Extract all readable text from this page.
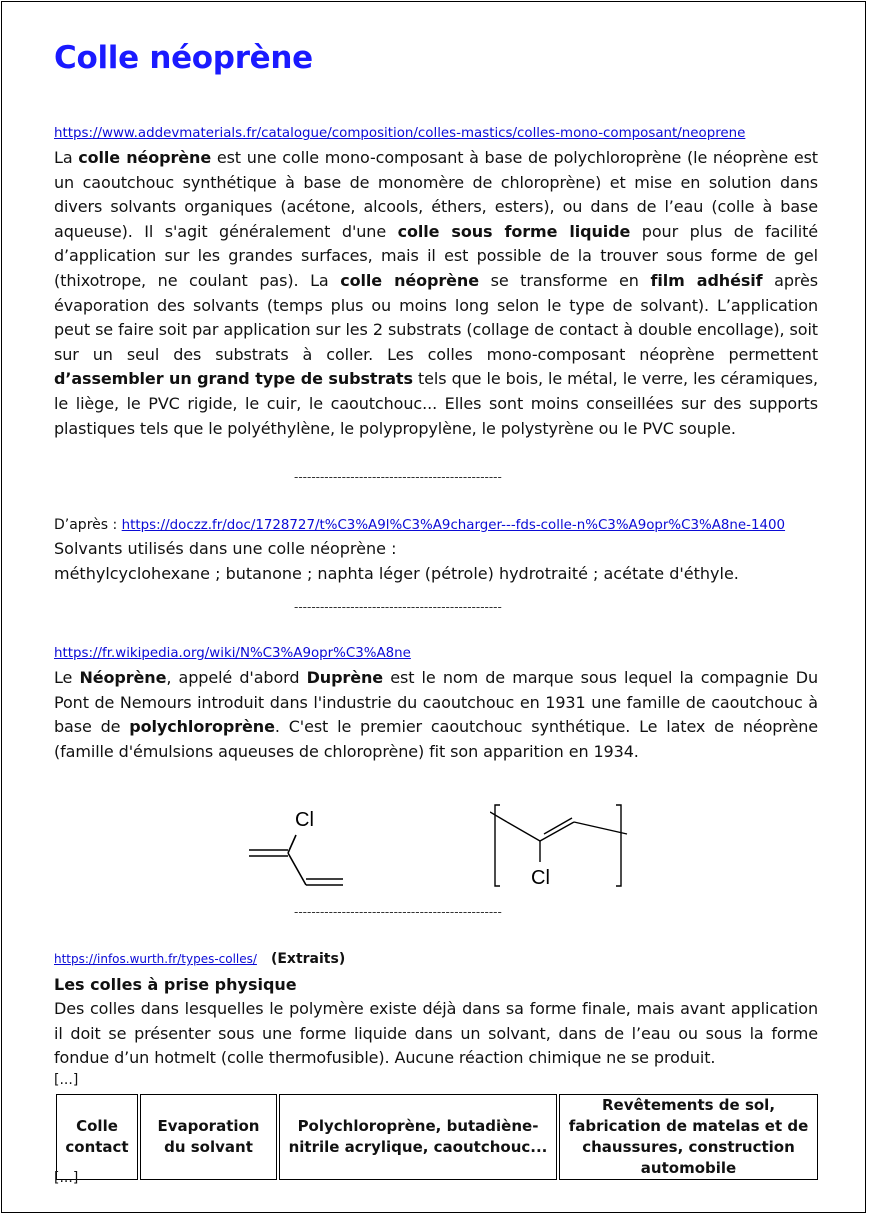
Colle néoprène
https://www.addevmaterials.fr/catalogue/composition/colles-mastics/colles-mono-composant/neoprene
La colle néoprène est une colle mono-composant à base de polychloroprène (le néoprène est un caoutchouc synthétique à base de monomère de chloroprène) et mise en solution dans divers solvants organiques (acétone, alcools, éthers, esters), ou dans de l’eau (colle à base aqueuse). Il s'agit généralement d'une colle sous forme liquide pour plus de facilité d’application sur les grandes surfaces, mais il est possible de la trouver sous forme de gel (thixotrope, ne coulant pas). La colle néoprène se transforme en film adhésif après évaporation des solvants (temps plus ou moins long selon le type de solvant). L’application peut se faire soit par application sur les 2 substrats (collage de contact à double encollage), soit sur un seul des substrats à coller. Les colles mono-composant néoprène permettent d’assembler un grand type de substrats tels que le bois, le métal, le verre, les céramiques, le liège, le PVC rigide, le cuir, le caoutchouc... Elles sont moins conseillées sur des supports plastiques tels que le polyéthylène, le polypropylène, le polystyrène ou le PVC souple.
------------------------------------------------
D’après : https://doczz.fr/doc/1728727/t%C3%A9l%C3%A9charger---fds-colle-n%C3%A9opr%C3%A8ne-1400
Solvants utilisés dans une colle néoprène :
méthylcyclohexane ; butanone ; naphta léger (pétrole) hydrotraité ; acétate d'éthyle.
------------------------------------------------
https://fr.wikipedia.org/wiki/N%C3%A9opr%C3%A8ne
Le Néoprène, appelé d'abord Duprène est le nom de marque sous lequel la compagnie Du Pont de Nemours introduit dans l'industrie du caoutchouc en 1931 une famille de caoutchouc à base de polychloroprène. C'est le premier caoutchouc synthétique. Le latex de néoprène (famille d'émulsions aqueuses de chloroprène) fit son apparition en 1934.
Cl
Cl
------------------------------------------------
https://infos.wurth.fr/types-colles/ (Extraits)
Les colles à prise physique
Des colles dans lesquelles le polymère existe déjà dans sa forme finale, mais avant application il doit se présenter sous une forme liquide dans un solvant, dans de l’eau ou sous la forme fondue d’un hotmelt (colle thermofusible). Aucune réaction chimique ne se produit.
[...]
Colle contact	Evaporation du solvant	Polychloroprène, butadiène-nitrile acrylique, caoutchouc...	Revêtements de sol, fabrication de matelas et de chaussures, construction automobile
[...]
